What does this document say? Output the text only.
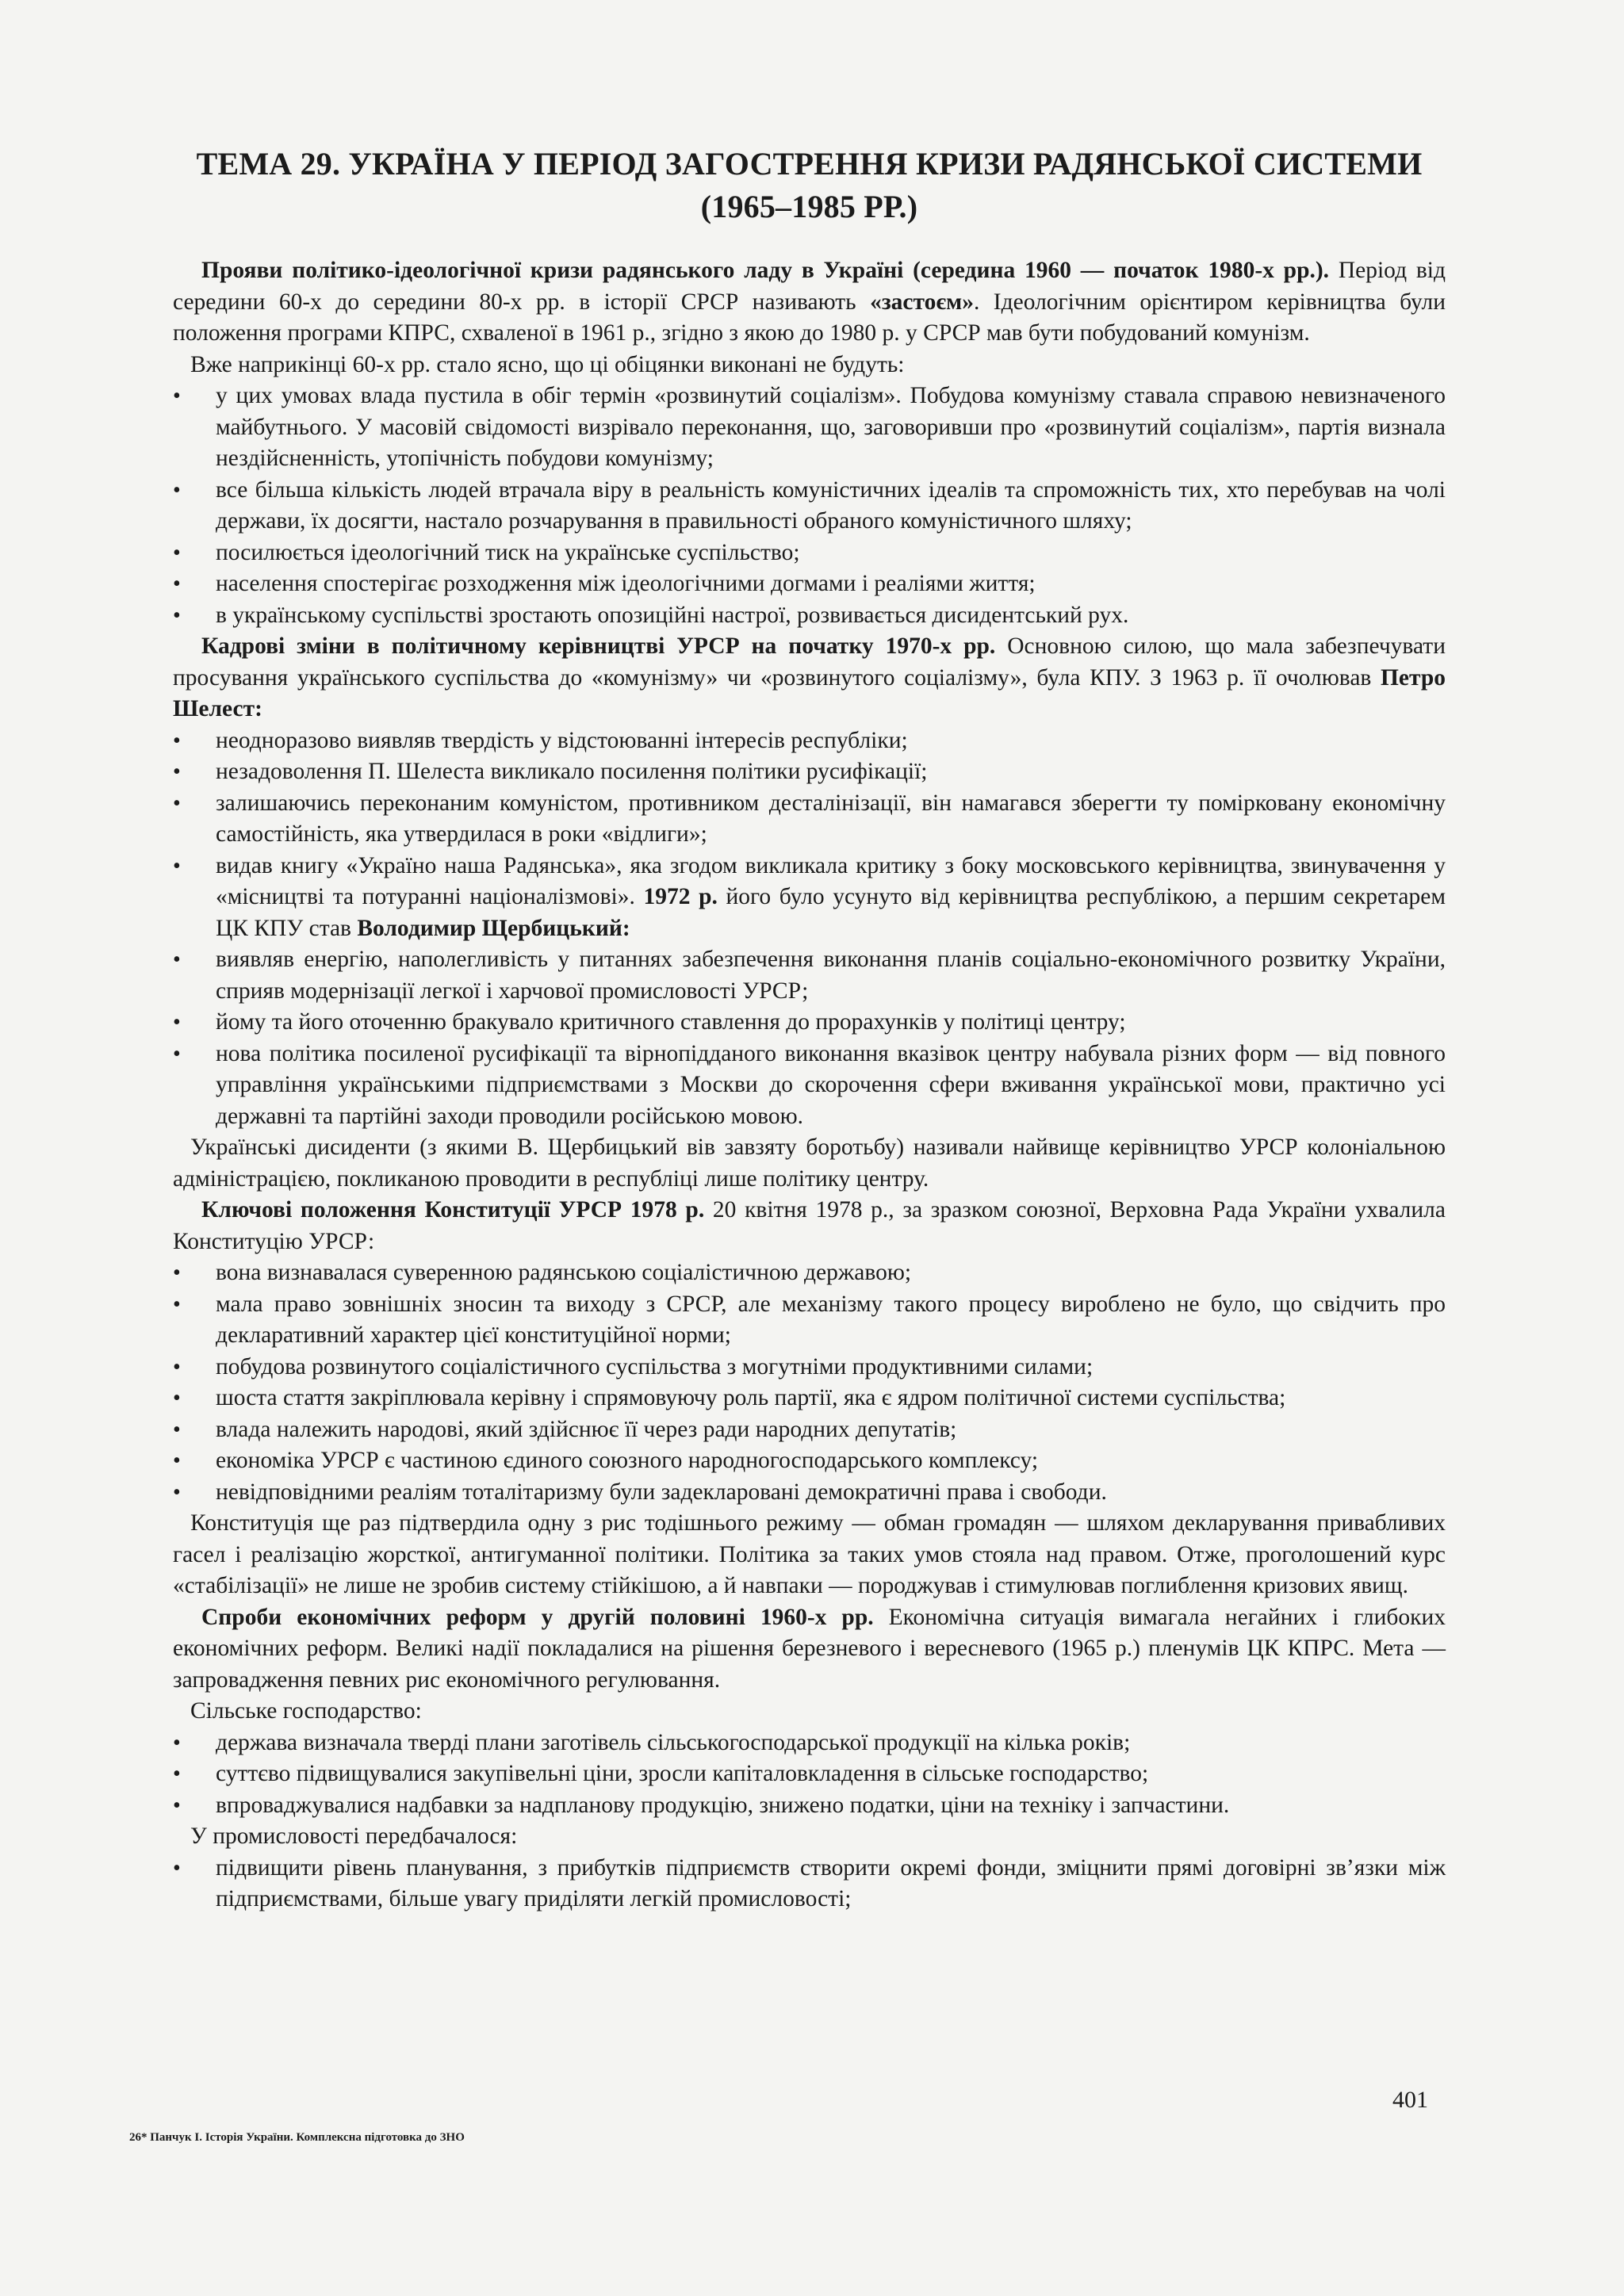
ТЕМА 29. УКРАЇНА У ПЕРІОД ЗАГОСТРЕННЯ КРИЗИ РАДЯНСЬКОЇ СИСТЕМИ
(1965–1985 РР.)

Прояви політико-ідеологічної кризи радянського ладу в Україні (середина 1960 — початок 1980-х рр.). Період від середини 60-х до середини 80-х рр. в історії СРСР називають «застоєм». Ідеологічним орієнтиром керівництва були положення програми КПРС, схваленої в 1961 р., згідно з якою до 1980 р. у СРСР мав бути побудований комунізм.

Вже наприкінці 60-х рр. стало ясно, що ці обіцянки виконані не будуть:

• у цих умовах влада пустила в обіг термін «розвинутий соціалізм». Побудова комунізму ставала справою невизначеного майбутнього. У масовій свідомості визрівало переконання, що, заговоривши про «розвинутий соціалізм», партія визнала нездійсненність, утопічність побудови комунізму;
• все більша кількість людей втрачала віру в реальність комуністичних ідеалів та спроможність тих, хто перебував на чолі держави, їх досягти, настало розчарування в правильності обраного комуністичного шляху;
• посилюється ідеологічний тиск на українське суспільство;
• населення спостерігає розходження між ідеологічними догмами і реаліями життя;
• в українському суспільстві зростають опозиційні настрої, розвивається дисидентський рух.

Кадрові зміни в політичному керівництві УРСР на початку 1970-х рр. Основною силою, що мала забезпечувати просування українського суспільства до «комунізму» чи «розвинутого соціалізму», була КПУ. З 1963 р. її очолював Петро Шелест:

• неодноразово виявляв твердість у відстоюванні інтересів республіки;
• незадоволення П. Шелеста викликало посилення політики русифікації;
• залишаючись переконаним комуністом, противником десталінізації, він намагався зберегти ту помірковану економічну самостійність, яка утвердилася в роки «відлиги»;
• видав книгу «Україно наша Радянська», яка згодом викликала критику з боку московського керівництва, звинувачення у «місництві та потуранні націоналізмові». 1972 р. його було усунуто від керівництва республікою, а першим секретарем ЦК КПУ став Володимир Щербицький:
• виявляв енергію, наполегливість у питаннях забезпечення виконання планів соціально-економічного розвитку України, сприяв модернізації легкої і харчової промисловості УРСР;
• йому та його оточенню бракувало критичного ставлення до прорахунків у політиці центру;
• нова політика посиленої русифікації та вірнопідданого виконання вказівок центру набувала різних форм — від повного управління українськими підприємствами з Москви до скорочення сфери вживання української мови, практично усі державні та партійні заходи проводили російською мовою.

Українські дисиденти (з якими В. Щербицький вів завзяту боротьбу) називали найвище керівництво УРСР колоніальною адміністрацією, покликаною проводити в республіці лише політику центру.

Ключові положення Конституції УРСР 1978 р. 20 квітня 1978 р., за зразком союзної, Верховна Рада України ухвалила Конституцію УРСР:

• вона визнавалася суверенною радянською соціалістичною державою;
• мала право зовнішніх зносин та виходу з СРСР, але механізму такого процесу вироблено не було, що свідчить про декларативний характер цієї конституційної норми;
• побудова розвинутого соціалістичного суспільства з могутніми продуктивними силами;
• шоста стаття закріплювала керівну і спрямовуючу роль партії, яка є ядром політичної системи суспільства;
• влада належить народові, який здійснює її через ради народних депутатів;
• економіка УРСР є частиною єдиного союзного народногосподарського комплексу;
• невідповідними реаліям тоталітаризму були задекларовані демократичні права і свободи.

Конституція ще раз підтвердила одну з рис тодішнього режиму — обман громадян — шляхом декларування привабливих гасел і реалізацію жорсткої, антигуманної політики. Політика за таких умов стояла над правом. Отже, проголошений курс «стабілізації» не лише не зробив систему стійкішою, а й навпаки — породжував і стимулював поглиблення кризових явищ.

Спроби економічних реформ у другій половині 1960-х рр. Економічна ситуація вимагала негайних і глибоких економічних реформ. Великі надії покладалися на рішення березневого і вересневого (1965 р.) пленумів ЦК КПРС. Мета — запровадження певних рис економічного регулювання.

Сільське господарство:

• держава визначала тверді плани заготівель сільськогосподарської продукції на кілька років;
• суттєво підвищувалися закупівельні ціни, зросли капіталовкладення в сільське господарство;
• впроваджувалися надбавки за надпланову продукцію, знижено податки, ціни на техніку і запчастини.

У промисловості передбачалося:

• підвищити рівень планування, з прибутків підприємств створити окремі фонди, зміцнити прямі договірні зв’язки між підприємствами, більше увагу приділяти легкій промисловості;
401
26* Панчук І. Історія України. Комплексна підготовка до ЗНО
